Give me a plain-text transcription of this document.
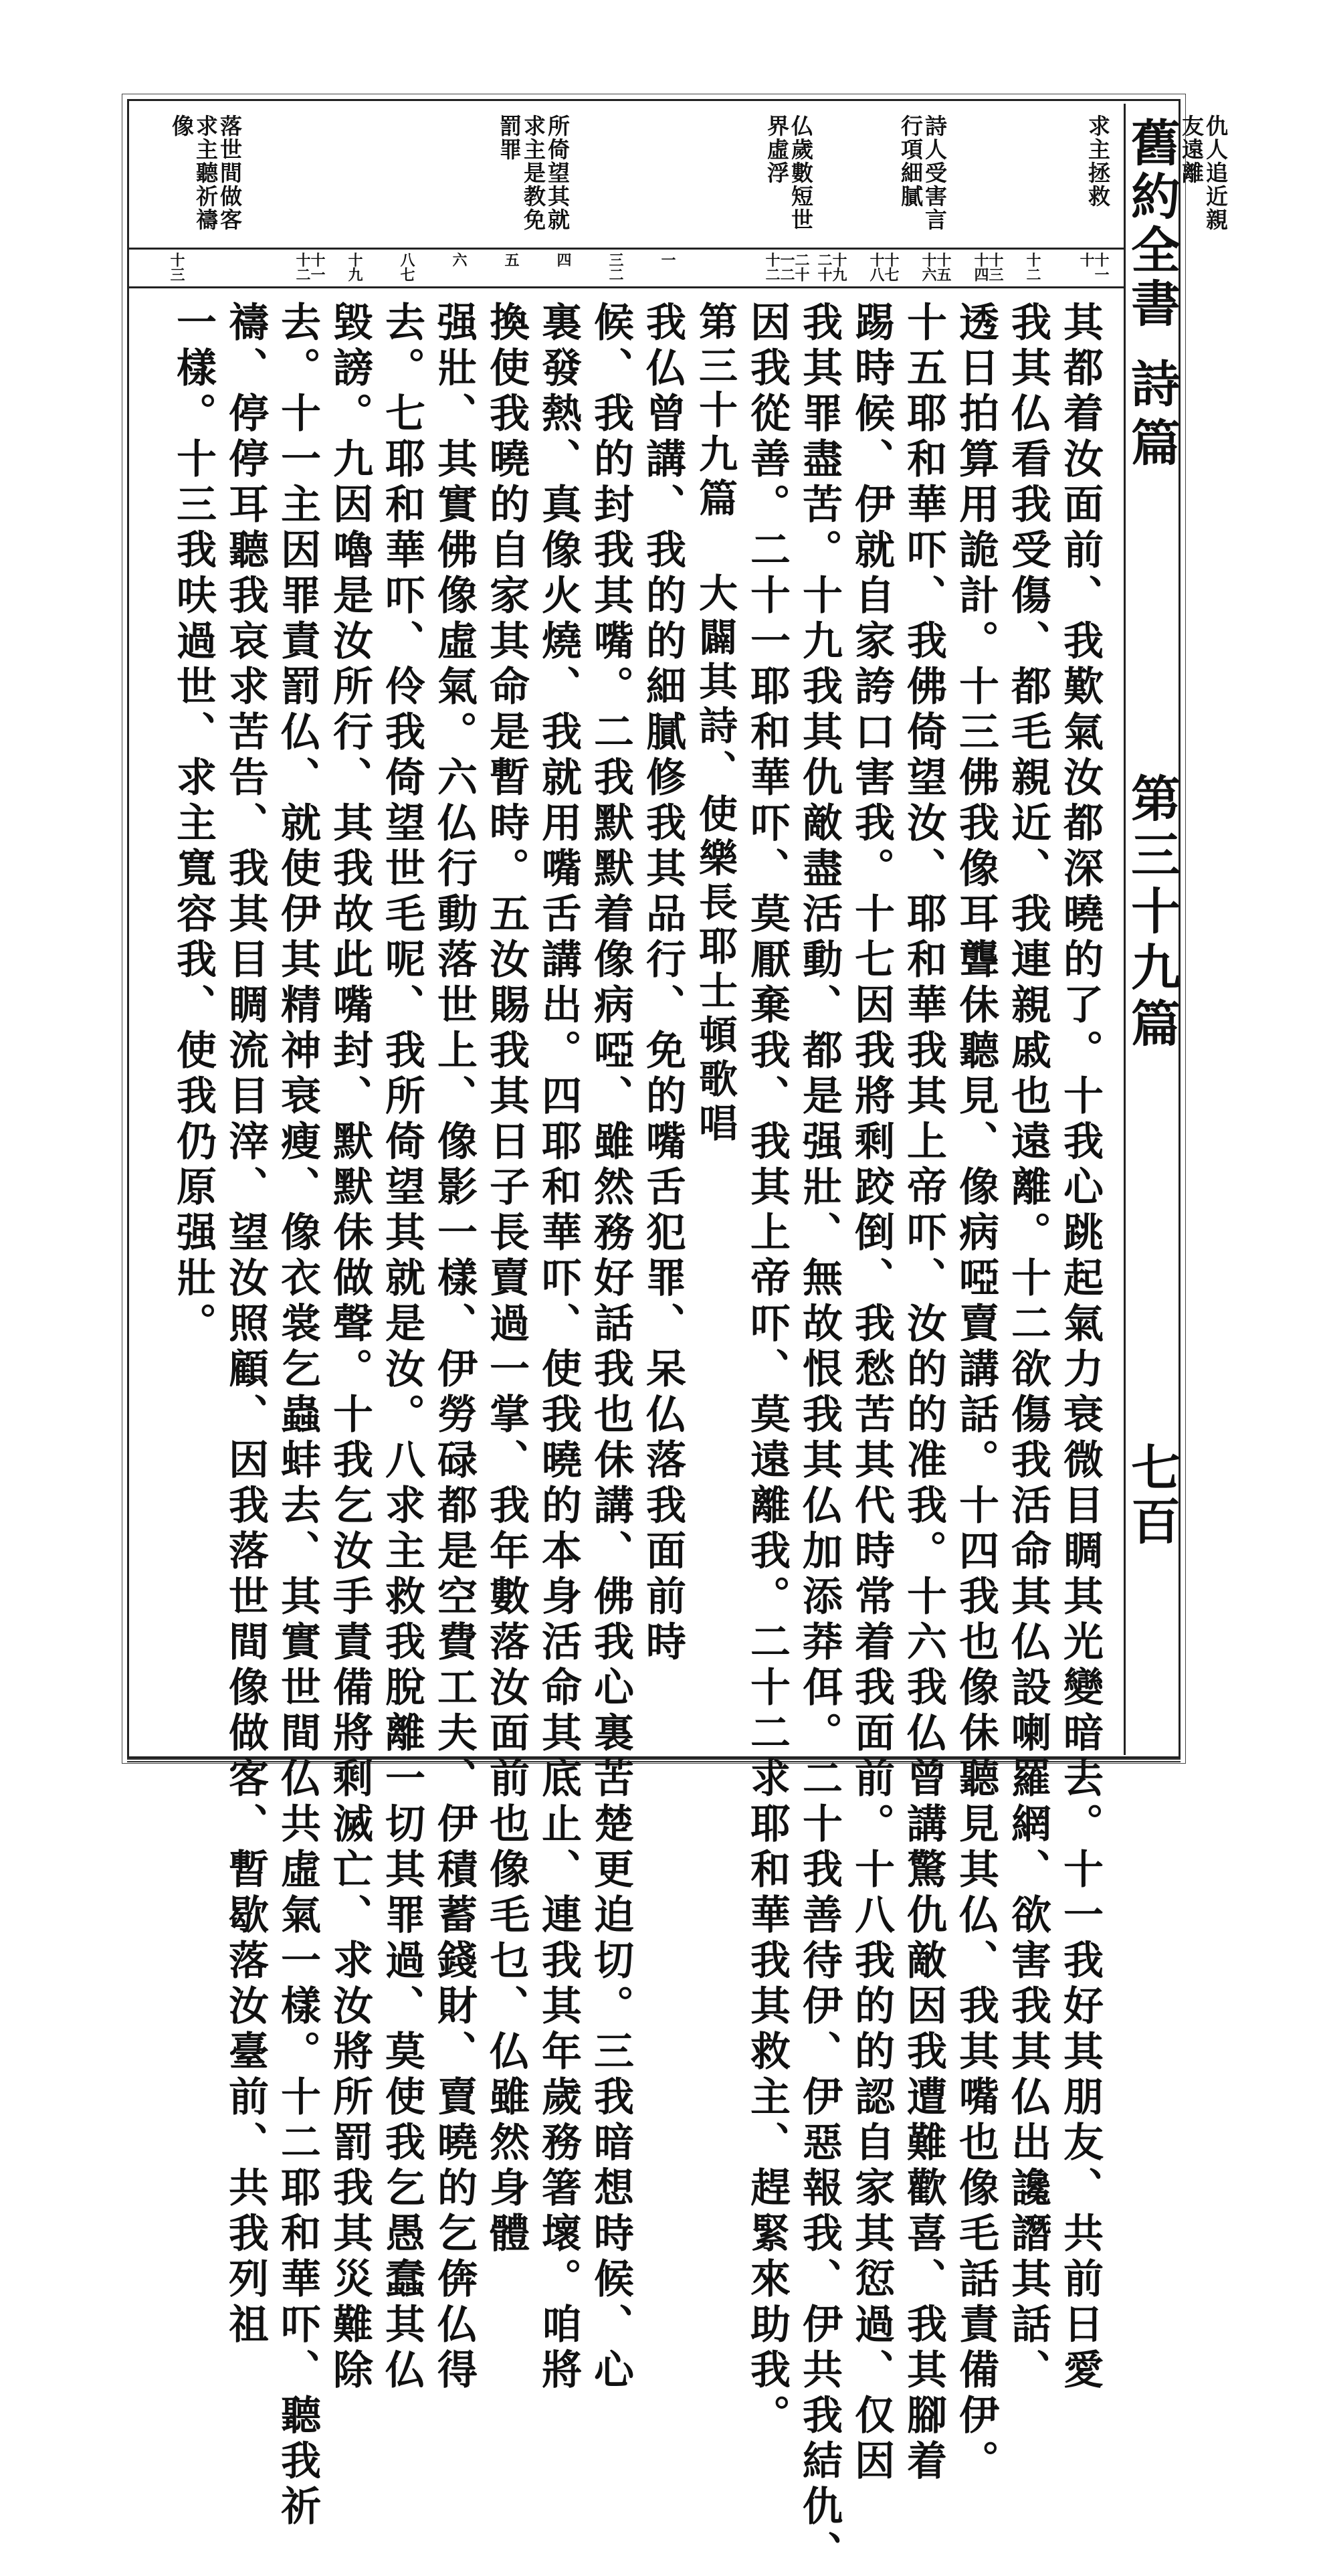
舊約全書
詩篇
第三十九篇
七百
仇人追近親友遠離
求主拯救
詩人受害言行項細膩
仏歲數短世界虛浮
所倚望其就求主是教免罰罪
落世間做客求主聽祈禱像
十一十
十二
十三十四
十五十六
十七十八
十九二十
二十一二十二
一
三二
四
五
六
八七
十九
十一十二
十三
其都着汝面前、我歎氣汝都深曉的了。十我心跳起氣力衰微目睭其光變暗去。十一我好其朋友、共前日愛
我其仏看我受傷、都毛親近、我連親戚也遠離。十二欲傷我活命其仏設喇羅網、欲害我其仏出讒譖其話、
透日拍算用詭計。十三佛我像耳聾佅聽見、像病啞賣講話。十四我也像佅聽見其仏、我其嘴也像毛話責備伊。
十五耶和華吓、我佛倚望汝、耶和華我其上帝吓、汝的的准我。十六我仏曾講驚仇敵因我遭難歡喜、我其腳着
踢時候、伊就自家誇口害我。十七因我將剩跤倒、我愁苦其代時常着我面前。十八我的的認自家其愆過、仅因
我其罪盡苦。十九我其仇敵盡活動、都是强壯、無故恨我其仏加添莽佴。二十我善待伊、伊惡報我、伊共我結仇、
因我從善。二十一耶和華吓、莫厭棄我、我其上帝吓、莫遠離我。二十二求耶和華我其救主、趕緊來助我。
第三十九篇 大闢其詩、使樂長耶士頓歌唱
我仏曾講、我的的細膩修我其品行、免的嘴舌犯罪、呆仏落我面前時
候、我的封我其嘴。二我默默着像病啞、雖然務好話我也佅講、佛我心裏苦楚更迫切。三我暗想時候、心
裏發熱、真像火燒、我就用嘴舌講出。四耶和華吓、使我曉的本身活命其底止、連我其年歲務箸壞。咱將
換使我曉的自家其命是暫時。五汝賜我其日子長賣過一掌、我年數落汝面前也像毛乜、仏雖然身體
强壯、其實佛像虛氣。六仏行動落世上、像影一樣、伊勞碌都是空費工夫、伊積蓄錢財、賣曉的乞倴仏得
去。七耶和華吓、伶我倚望世毛呢、我所倚望其就是汝。八求主救我脫離一切其罪過、莫使我乞愚蠢其仏
毀謗。九因嚕是汝所行、其我故此嘴封、默默佅做聲。十我乞汝手責備將剩滅亡、求汝將所罰我其災難除
去。十一主因罪責罰仏、就使伊其精神衰瘦、像衣裳乞蟲蚌去、其實世間仏共虛氣一樣。十二耶和華吓、聽我祈
禱、停停耳聽我哀求苦告、我其目睭流目滓、望汝照顧、因我落世間像做客、暫歇落汝臺前、共我列祖
一樣。十三我呋過世、求主寬容我、使我仍原强壯。
